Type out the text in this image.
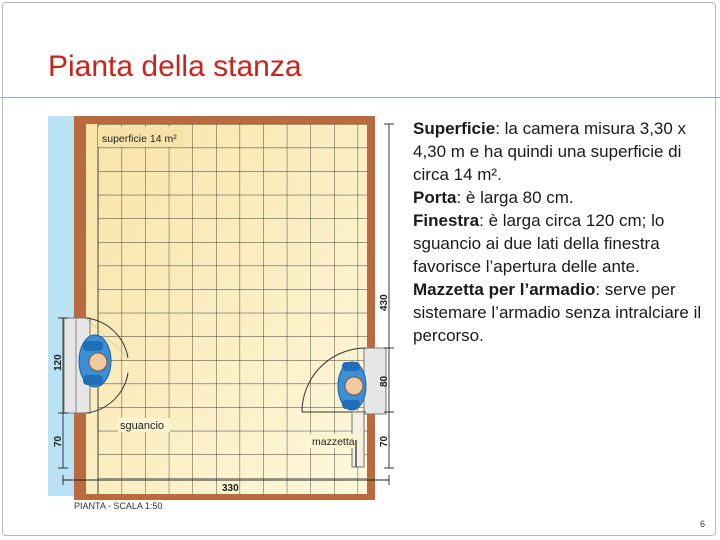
Pianta della stanza
superficie 14 m²
sguancio
mazzetta
120
70
430
80
70
330
PIANTA - SCALA 1:50

Superficie: la camera misura 3,30 x 4,30 m e ha quindi una superficie di circa 14 m².

Porta: è larga 80 cm.

Finestra: è larga circa 120 cm; lo sguancio ai due lati della finestra favorisce l’apertura delle ante.

Mazzetta per l’armadio: serve per sistemare l’armadio senza intralciare il percorso.

6
